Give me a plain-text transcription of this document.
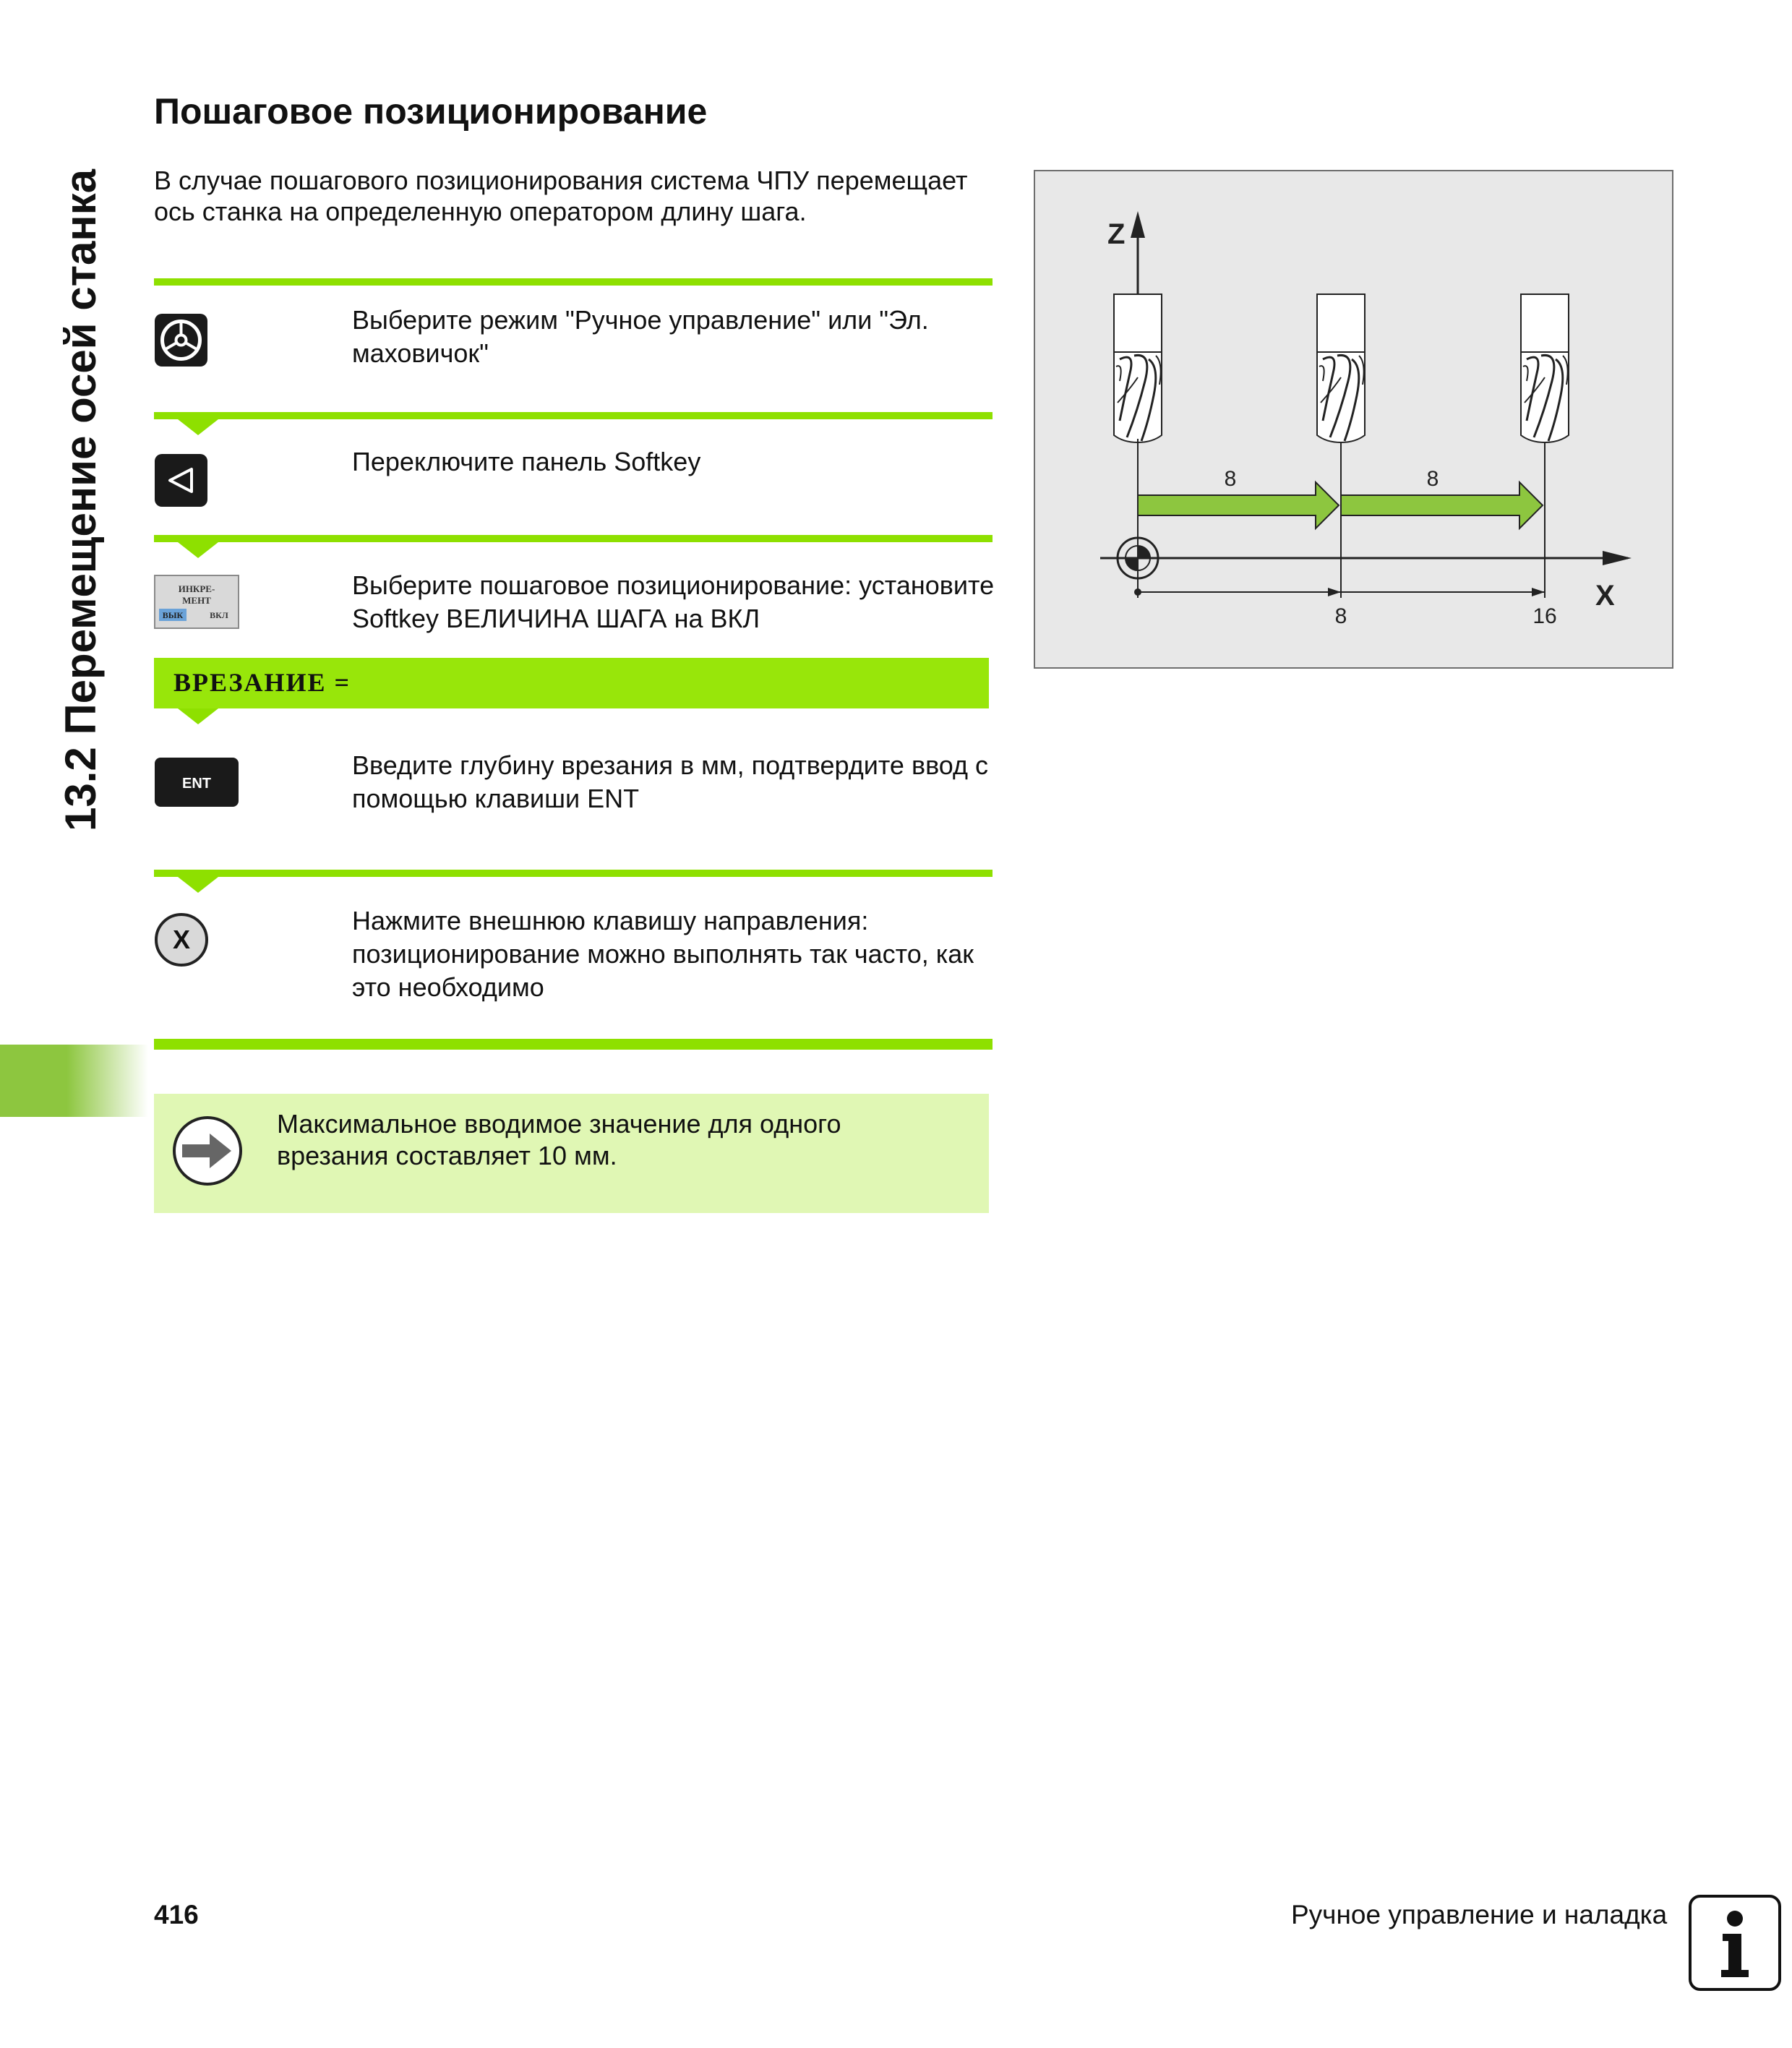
13.2 Перемещение осей станка
Пошаговое позиционирование
В случае пошагового позиционирования система ЧПУ перемещает ось станка на определенную оператором длину шага.
Выберите режим "Ручное управление" или "Эл. маховичок"
Переключите панель Softkey
ИНКРЕ-
МЕНТ
ВЫК	ВКЛ
Выберите пошаговое позиционирование: установите Softkey ВЕЛИЧИНА ШАГА на ВКЛ
ВРЕЗАНИЕ =
ENT
Введите глубину врезания в мм, подтвердите ввод с помощью клавиши ENT
X
Нажмите внешнюю клавишу направления: позиционирование можно выполнять так часто, как это необходимо
Максимальное вводимое значение для одного врезания составляет 10 мм.
Z
8	8
X
8	16
416	Ручное управление и наладка
